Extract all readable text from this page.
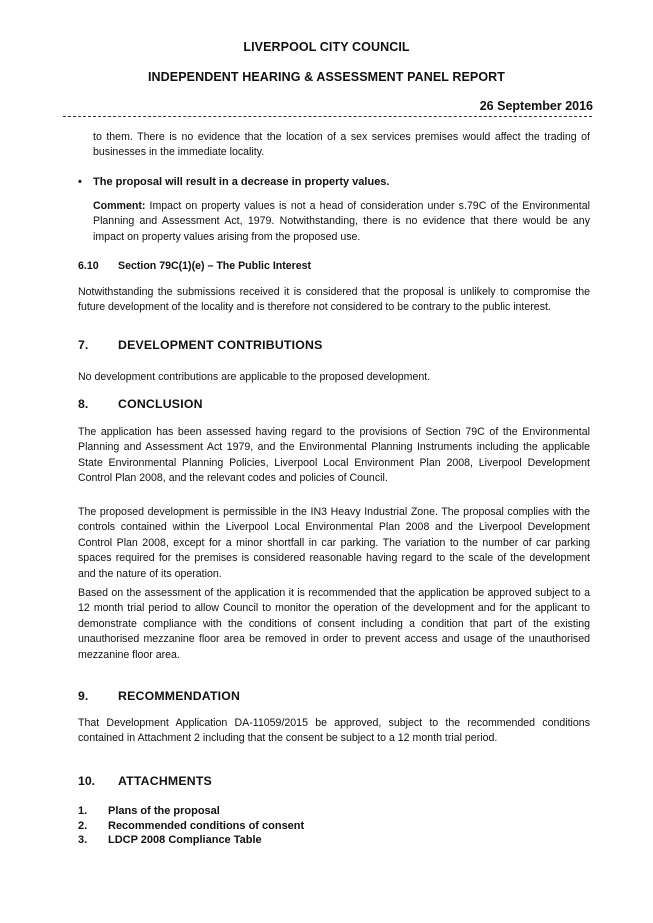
LIVERPOOL CITY COUNCIL
INDEPENDENT HEARING & ASSESSMENT PANEL REPORT
26 September 2016

to them. There is no evidence that the location of a sex services premises would affect the trading of businesses in the immediate locality.

• The proposal will result in a decrease in property values.

Comment: Impact on property values is not a head of consideration under s.79C of the Environmental Planning and Assessment Act, 1979. Notwithstanding, there is no evidence that there would be any impact on property values arising from the proposed use.

6.10 Section 79C(1)(e) – The Public Interest

Notwithstanding the submissions received it is considered that the proposal is unlikely to compromise the future development of the locality and is therefore not considered to be contrary to the public interest.

7. DEVELOPMENT CONTRIBUTIONS

No development contributions are applicable to the proposed development.

8. CONCLUSION

The application has been assessed having regard to the provisions of Section 79C of the Environmental Planning and Assessment Act 1979, and the Environmental Planning Instruments including the applicable State Environmental Planning Policies, Liverpool Local Environment Plan 2008, Liverpool Development Control Plan 2008, and the relevant codes and policies of Council.

The proposed development is permissible in the IN3 Heavy Industrial Zone. The proposal complies with the controls contained within the Liverpool Local Environmental Plan 2008 and the Liverpool Development Control Plan 2008, except for a minor shortfall in car parking. The variation to the number of car parking spaces required for the premises is considered reasonable having regard to the scale of the development and the nature of its operation.

Based on the assessment of the application it is recommended that the application be approved subject to a 12 month trial period to allow Council to monitor the operation of the development and for the applicant to demonstrate compliance with the conditions of consent including a condition that part of the existing unauthorised mezzanine floor area be removed in order to prevent access and usage of the unauthorised mezzanine floor area.

9. RECOMMENDATION

That Development Application DA-11059/2015 be approved, subject to the recommended conditions contained in Attachment 2 including that the consent be subject to a 12 month trial period.

10. ATTACHMENTS
1. Plans of the proposal
2. Recommended conditions of consent
3. LDCP 2008 Compliance Table
